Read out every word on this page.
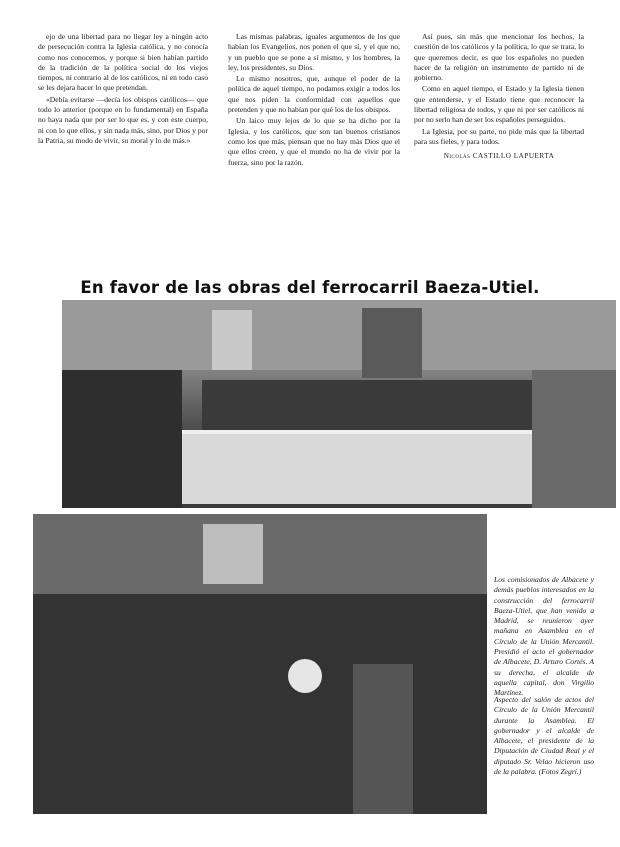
ejo de una libertad para no llegar ley a ningún acto de persecución contra la Iglesia católica, y no conocía como nos conocemos, y porque si bien habían partido de la tradición de la política social de los viejos tiempos, ni contrario al de los católicos, ni en todo caso se les dejara hacer lo que pretendan.

«Debía evitarse —decía los obispos católicos— que todo lo anterior (porque en lo fundamental) en España no haya nada que por ser lo que es, y con este cuerpo, ni con lo que ellos, y sin nada más, sino, por Dios y por la Patria, su modo de vivir, su moral y lo de más.»

Las mismas palabras, iguales argumentos de los que habían los Evangelios, nos ponen el que sí, y el que no, y un pueblo que se pone a sí mismo, y los hombres, la ley, los presidentes, su Dios.

Lo mismo nosotros, que, aunque el poder de la política de aquel tiempo, no podamos exigir a todos los que nos piden la conformidad con aquellos que pretenden y que no habían por qué los de los obispos.

Un laico muy lejos de lo que se ha dicho por la Iglesia, y los católicos, que son tan buenos cristianos como los que más, piensan que no hay más Dios que el que ellos creen, y que el mundo no ha de vivir por la fuerza, sino por la razón.

Así pues, sin más que mencionar los hechos, la cuestión de los católicos y la política, lo que se trata, lo que queremos decir, es que los españoles no pueden hacer de la religión un instrumento de partido ni de gobierno.

Como en aquel tiempo, el Estado y la Iglesia tienen que entenderse, y el Estado tiene que reconocer la libertad religiosa de todos, y que ni por ser católicos ni por no serlo han de ser los españoles perseguidos.

La Iglesia, por su parte, no pide más que la libertad para sus fieles, y para todos.

Nicolás CASTILLO LAPUERTA
En favor de las obras del ferrocarril Baeza-Utiel.
Los comisionados de Albacete y demás pueblos interesados en la construcción del ferrocarril Baeza-Utiel, que han venido a Madrid, se reunieron ayer mañana en Asamblea en el Círculo de la Unión Mercantil. Presidió el acto el gobernador de Albacete, D. Arturo Cortés. A su derecha, el alcalde de aquella capital, don Virgilio Martínez.
Aspecto del salón de actos del Círculo de la Unión Mercantil durante la Asamblea. El gobernador y el alcalde de Albacete, el presidente de la Diputación de Ciudad Real y el diputado Sr. Velao hicieron uso de la palabra. (Fotos Zegrí.)
